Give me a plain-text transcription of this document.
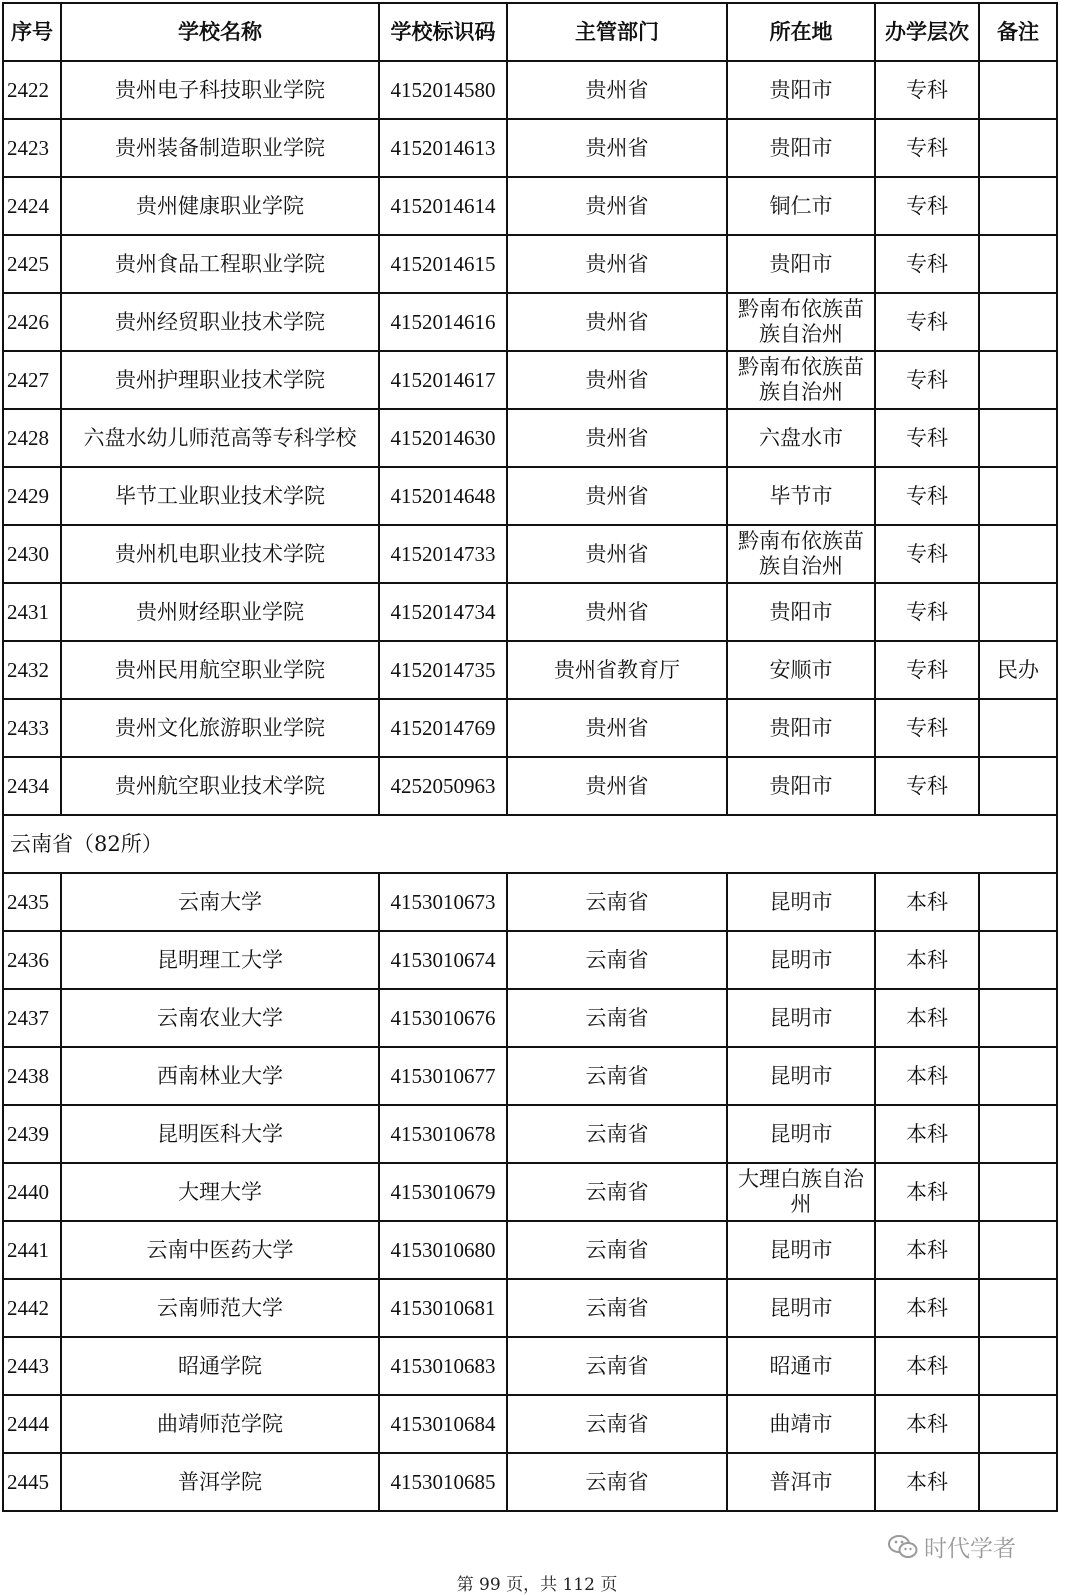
序号	学校名称	学校标识码	主管部门	所在地	办学层次	备注
2422	贵州电子科技职业学院	4152014580	贵州省	贵阳市	专科	
2423	贵州装备制造职业学院	4152014613	贵州省	贵阳市	专科	
2424	贵州健康职业学院	4152014614	贵州省	铜仁市	专科	
2425	贵州食品工程职业学院	4152014615	贵州省	贵阳市	专科	
2426	贵州经贸职业技术学院	4152014616	贵州省	黔南布依族苗族自治州	专科	
2427	贵州护理职业技术学院	4152014617	贵州省	黔南布依族苗族自治州	专科	
2428	六盘水幼儿师范高等专科学校	4152014630	贵州省	六盘水市	专科	
2429	毕节工业职业技术学院	4152014648	贵州省	毕节市	专科	
2430	贵州机电职业技术学院	4152014733	贵州省	黔南布依族苗族自治州	专科	
2431	贵州财经职业学院	4152014734	贵州省	贵阳市	专科	
2432	贵州民用航空职业学院	4152014735	贵州省教育厅	安顺市	专科	民办
2433	贵州文化旅游职业学院	4152014769	贵州省	贵阳市	专科	
2434	贵州航空职业技术学院	4252050963	贵州省	贵阳市	专科	
云南省（82所）						
2435	云南大学	4153010673	云南省	昆明市	本科	
2436	昆明理工大学	4153010674	云南省	昆明市	本科	
2437	云南农业大学	4153010676	云南省	昆明市	本科	
2438	西南林业大学	4153010677	云南省	昆明市	本科	
2439	昆明医科大学	4153010678	云南省	昆明市	本科	
2440	大理大学	4153010679	云南省	大理白族自治州	本科	
2441	云南中医药大学	4153010680	云南省	昆明市	本科	
2442	云南师范大学	4153010681	云南省	昆明市	本科	
2443	昭通学院	4153010683	云南省	昭通市	本科	
2444	曲靖师范学院	4153010684	云南省	曲靖市	本科	
2445	普洱学院	4153010685	云南省	普洱市	本科	
时代学者
第 99 页，共 112 页
